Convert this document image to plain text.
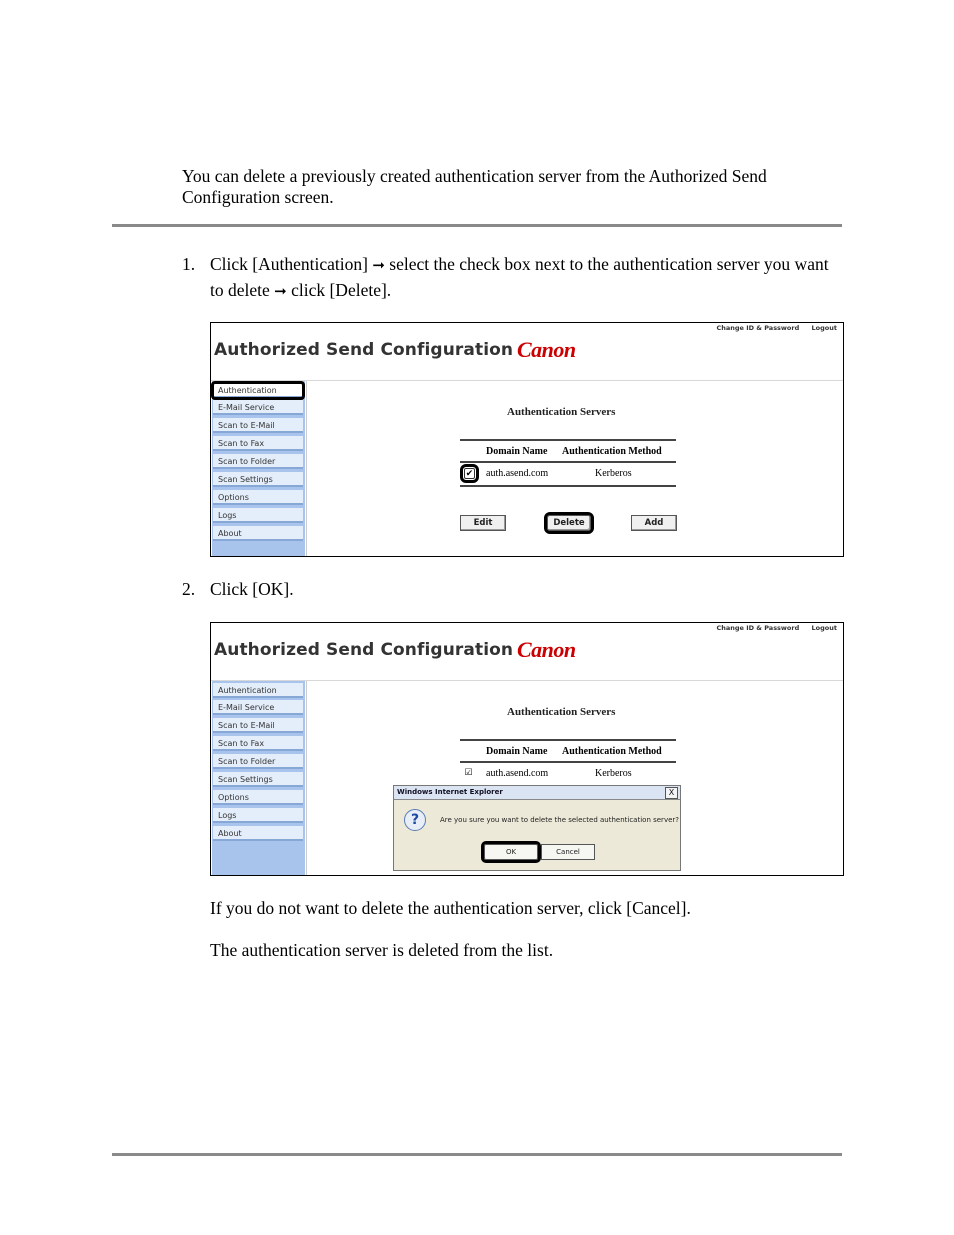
You can delete a previously created authentication server from the Authorized Send Configuration screen.
1. Click [Authentication] ➞ select the check box next to the authentication server you want to delete ➞ click [Delete].
Change ID & Password Logout
Authorized Send Configuration Canon
Authentication
E-Mail Service
Scan to E-Mail
Scan to Fax
Scan to Folder
Scan Settings
Options
Logs
About
Authentication Servers
Domain Name Authentication Method
✔ auth.asend.com	Kerberos
Edit	Delete	Add
2. Click [OK].
Change ID & Password Logout
Authorized Send Configuration Canon
Authentication
E-Mail Service
Scan to E-Mail
Scan to Fax
Scan to Folder
Scan Settings
Options
Logs
About
Authentication Servers
Domain Name Authentication Method
☑ auth.asend.com	Kerberos
Windows Internet Explorer	X
?	Are you sure you want to delete the selected authentication server?
OK	Cancel
If you do not want to delete the authentication server, click [Cancel].
The authentication server is deleted from the list.
